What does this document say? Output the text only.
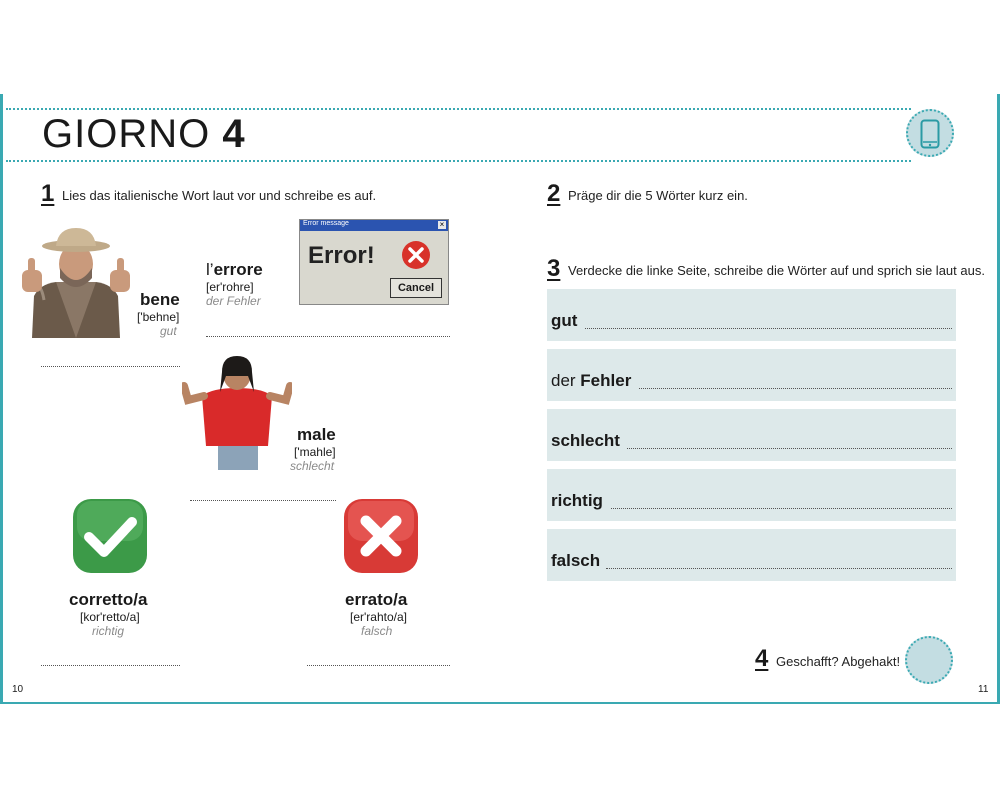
GIORNO 4
1 Lies das italienische Wort laut vor und schreibe es auf.
bene
['behne]
gut
l’errore
[er'rohre]
der Fehler
Error message	×
Error!
Cancel
male
['mahle]
schlecht
corretto/a
[kor'retto/a]
richtig
errato/a
[er'rahto/a]
falsch
2 Präge dir die 5 Wörter kurz ein.
3 Verdecke die linke Seite, schreibe die Wörter auf und sprich sie laut aus.
gut
der Fehler
schlecht
richtig
falsch
4 Geschafft? Abgehakt!
10	11
